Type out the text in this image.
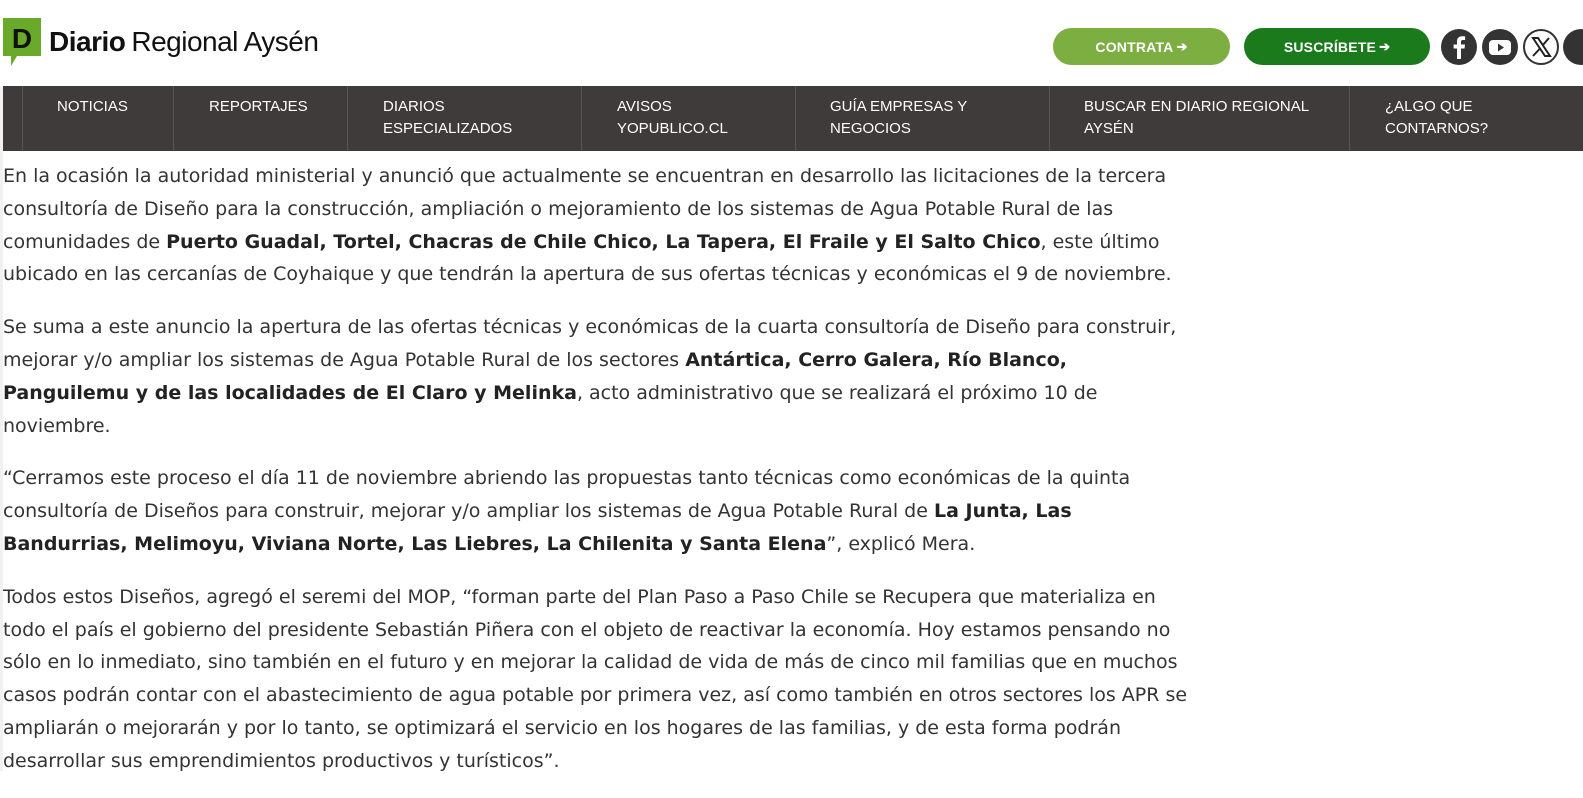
D Diario Regional Aysén	CONTRATA ➔	SUSCRÍBETE ➔
NOTICIAS	REPORTAJES	DIARIOS
ESPECIALIZADOS
AVISOS
YOPUBLICO.CL
GUÍA EMPRESAS Y
NEGOCIOS
BUSCAR EN DIARIO REGIONAL
AYSÉN
¿ALGO QUE
CONTARNOS?

En la ocasión la autoridad ministerial y anunció que actualmente se encuentran en desarrollo las licitaciones de la tercera consultoría de Diseño para la construcción, ampliación o mejoramiento de los sistemas de Agua Potable Rural de las comunidades de Puerto Guadal, Tortel, Chacras de Chile Chico, La Tapera, El Fraile y El Salto Chico, este último ubicado en las cercanías de Coyhaique y que tendrán la apertura de sus ofertas técnicas y económicas el 9 de noviembre.

Se suma a este anuncio la apertura de las ofertas técnicas y económicas de la cuarta consultoría de Diseño para construir, mejorar y/o ampliar los sistemas de Agua Potable Rural de los sectores Antártica, Cerro Galera, Río Blanco, Panguilemu y de las localidades de El Claro y Melinka, acto administrativo que se realizará el próximo 10 de noviembre.

“Cerramos este proceso el día 11 de noviembre abriendo las propuestas tanto técnicas como económicas de la quinta consultoría de Diseños para construir, mejorar y/o ampliar los sistemas de Agua Potable Rural de La Junta, Las Bandurrias, Melimoyu, Viviana Norte, Las Liebres, La Chilenita y Santa Elena”, explicó Mera.

Todos estos Diseños, agregó el seremi del MOP, “forman parte del Plan Paso a Paso Chile se Recupera que materializa en todo el país el gobierno del presidente Sebastián Piñera con el objeto de reactivar la economía. Hoy estamos pensando no sólo en lo inmediato, sino también en el futuro y en mejorar la calidad de vida de más de cinco mil familias que en muchos casos podrán contar con el abastecimiento de agua potable por primera vez, así como también en otros sectores los APR se ampliarán o mejorarán y por lo tanto, se optimizará el servicio en los hogares de las familias, y de esta forma podrán desarrollar sus emprendimientos productivos y turísticos”.
